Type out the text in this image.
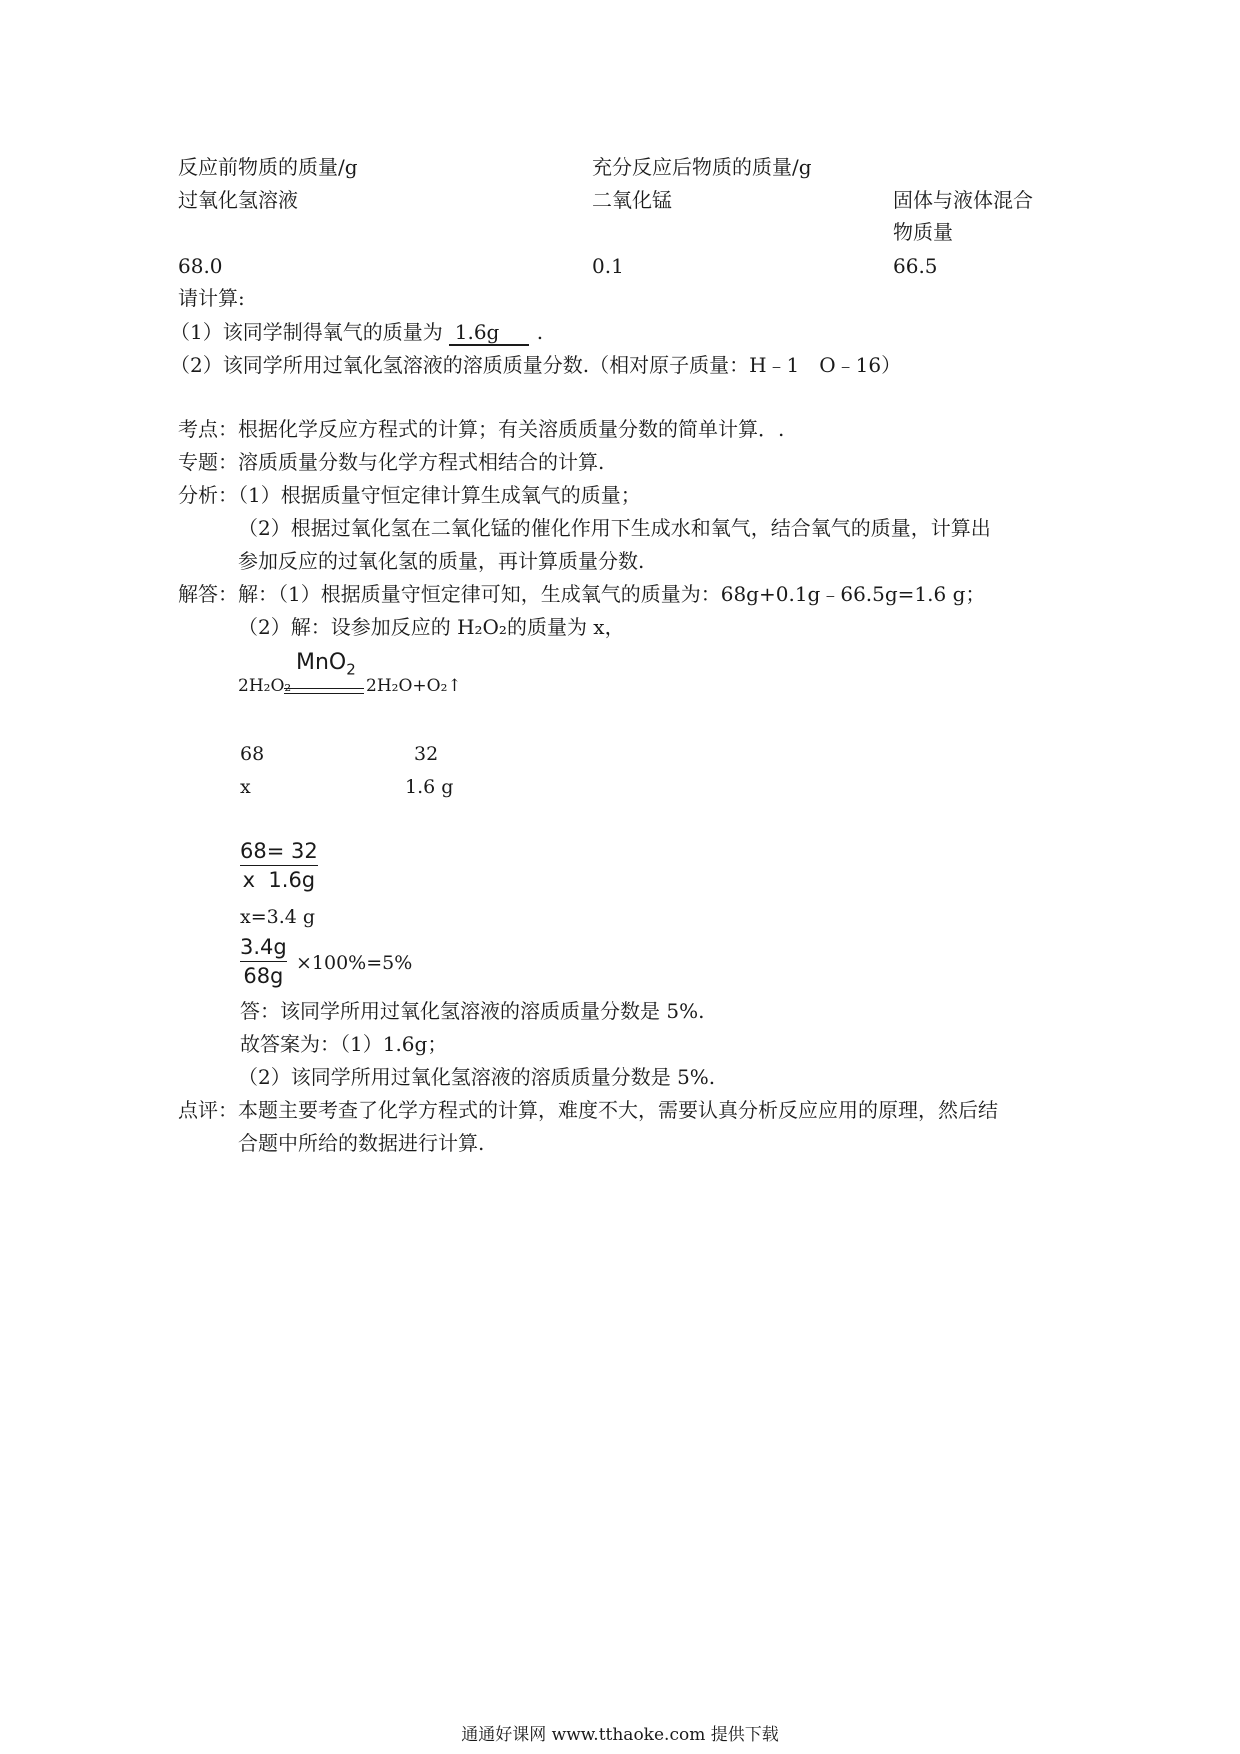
反应前物质的质量/g	充分反应后物质的质量/g
过氧化氢溶液	二氧化锰	固体与液体混合
物质量
68.0	0.1	66.5
请计算:
（1）该同学制得氧气的质量为 1.6g .
（2）该同学所用过氧化氢溶液的溶质质量分数.（相对原子质量：H﹣1　O﹣16）
考点：根据化学反应方程式的计算；有关溶质质量分数的简单计算．.
专题：溶质质量分数与化学方程式相结合的计算.
分析：（1）根据质量守恒定律计算生成氧气的质量；
（2）根据过氧化氢在二氧化锰的催化作用下生成水和氧气，结合氧气的质量，计算出
参加反应的过氧化氢的质量，再计算质量分数.
解答：解：（1）根据质量守恒定律可知，生成氧气的质量为：68g+0.1g﹣66.5g=1.6 g；
（2）解：设参加反应的 H₂O₂的质量为 x，
MnO$_2$
2H₂O₂	2H₂O+O₂↑
68	32
x	1.6 g
68= 32
x 1.6g
x=3.4 g
3.4g
68g
×100%=5%
答：该同学所用过氧化氢溶液的溶质质量分数是 5%.
故答案为：（1）1.6g；
（2）该同学所用过氧化氢溶液的溶质质量分数是 5%.
点评：本题主要考查了化学方程式的计算，难度不大，需要认真分析反应应用的原理，然后结
合题中所给的数据进行计算.
通通好课网 www.tthaoke.com 提供下载
